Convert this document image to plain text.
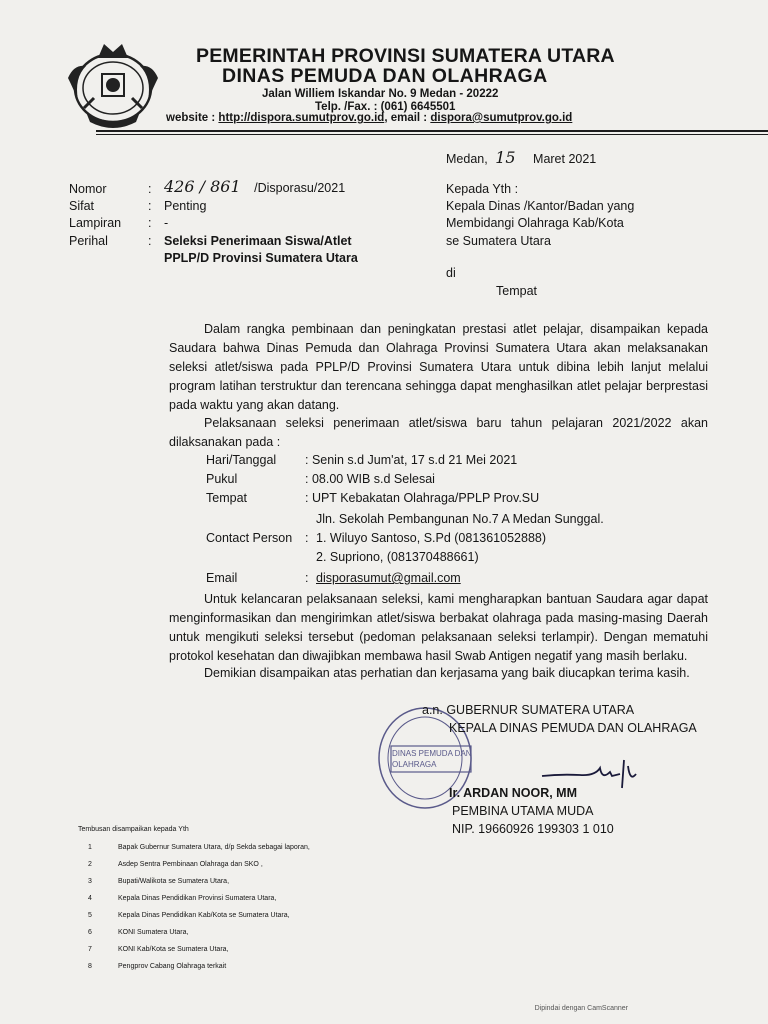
PEMERINTAH PROVINSI SUMATERA UTARA
DINAS PEMUDA DAN OLAHRAGA
Jalan Williem Iskandar No. 9 Medan - 20222
Telp. /Fax. : (061) 6645501
website : http://dispora.sumutprov.go.id, email : dispora@sumutprov.go.id
Medan, 15 Maret 2021
Nomor	: 426 / 861 /Disporasu/2021
Sifat	: Penting
Lampiran : -
Perihal	: Seleksi Penerimaan Siswa/Atlet
PPLP/D Provinsi Sumatera Utara
Kepada Yth :
Kepala Dinas /Kantor/Badan yang
Membidangi Olahraga Kab/Kota
se Sumatera Utara
di
Tempat
Dalam rangka pembinaan dan peningkatan prestasi atlet pelajar, disampaikan kepada Saudara bahwa Dinas Pemuda dan Olahraga Provinsi Sumatera Utara akan melaksanakan seleksi atlet/siswa pada PPLP/D Provinsi Sumatera Utara untuk dibina lebih lanjut melalui program latihan terstruktur dan terencana sehingga dapat menghasilkan atlet pelajar berprestasi pada waktu yang akan datang.
Pelaksanaan seleksi penerimaan atlet/siswa baru tahun pelajaran 2021/2022 akan dilaksanakan pada :
Hari/Tanggal : Senin s.d Jum'at, 17 s.d 21 Mei 2021
Pukul	: 08.00 WIB s.d Selesai
Tempat	: UPT Kebakatan Olahraga/PPLP Prov.SU
Jln. Sekolah Pembangunan No.7 A Medan Sunggal.
Contact Person : 1. Wiluyo Santoso, S.Pd (081361052888)
2. Supriono, (081370488661)
Email	: disporasumut@gmail.com
Untuk kelancaran pelaksanaan seleksi, kami mengharapkan bantuan Saudara agar dapat menginformasikan dan mengirimkan atlet/siswa berbakat olahraga pada masing-masing Daerah untuk mengikuti seleksi tersebut (pedoman pelaksanaan seleksi terlampir). Dengan mematuhi protokol kesehatan dan diwajibkan membawa hasil Swab Antigen negatif yang masih berlaku.
Demikian disampaikan atas perhatian dan kerjasama yang baik diucapkan terima kasih.
DINAS PEMUDA DAN OLAHRAGA
a.n. GUBERNUR SUMATERA UTARA
KEPALA DINAS PEMUDA DAN OLAHRAGA
Ir. ARDAN NOOR, MM
PEMBINA UTAMA MUDA
NIP. 19660926 199303 1 010
Tembusan disampaikan kepada Yth
1	Bapak Gubernur Sumatera Utara, d/p Sekda sebagai laporan,
2	Asdep Sentra Pembinaan Olahraga dan SKO ,
3	Bupati/Walikota se Sumatera Utara,
4	Kepala Dinas Pendidikan Provinsi Sumatera Utara,
5	Kepala Dinas Pendidikan Kab/Kota se Sumatera Utara,
6	KONI Sumatera Utara,
7	KONI Kab/Kota se Sumatera Utara,
8	Pengprov Cabang Olahraga terkait
Dipindai dengan CamScanner
